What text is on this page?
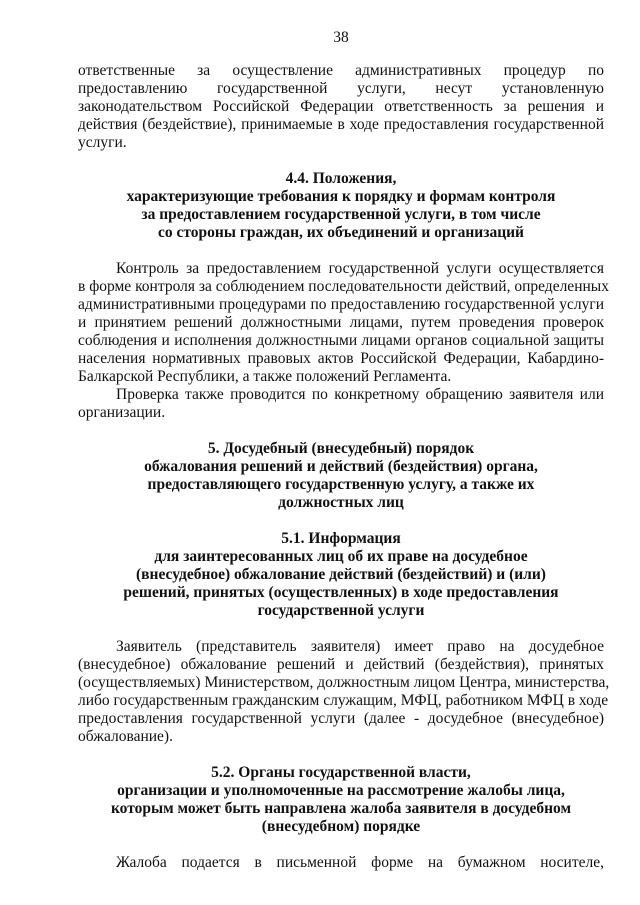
38
ответственные за осуществление административных процедур по
предоставлению государственной услуги, несут установленную
законодательством Российской Федерации ответственность за решения и
действия (бездействие), принимаемые в ходе предоставления государственной
услуги.
4.4. Положения,
характеризующие требования к порядку и формам контроля
за предоставлением государственной услуги, в том числе
со стороны граждан, их объединений и организаций
Контроль за предоставлением государственной услуги осуществляется
в форме контроля за соблюдением последовательности действий, определенных
административными процедурами по предоставлению государственной услуги
и принятием решений должностными лицами, путем проведения проверок
соблюдения и исполнения должностными лицами органов социальной защиты
населения нормативных правовых актов Российской Федерации, Кабардино-
Балкарской Республики, а также положений Регламента.
Проверка также проводится по конкретному обращению заявителя или
организации.
5. Досудебный (внесудебный) порядок
обжалования решений и действий (бездействия) органа,
предоставляющего государственную услугу, а также их
должностных лиц
5.1. Информация
для заинтересованных лиц об их праве на досудебное
(внесудебное) обжалование действий (бездействий) и (или)
решений, принятых (осуществленных) в ходе предоставления
государственной услуги
Заявитель (представитель заявителя) имеет право на досудебное
(внесудебное) обжалование решений и действий (бездействия), принятых
(осуществляемых) Министерством, должностным лицом Центра, министерства,
либо государственным гражданским служащим, МФЦ, работником МФЦ в ходе
предоставления государственной услуги (далее - досудебное (внесудебное)
обжалование).
5.2. Органы государственной власти,
организации и уполномоченные на рассмотрение жалобы лица,
которым может быть направлена жалоба заявителя в досудебном
(внесудебном) порядке
Жалоба подается в письменной форме на бумажном носителе,
